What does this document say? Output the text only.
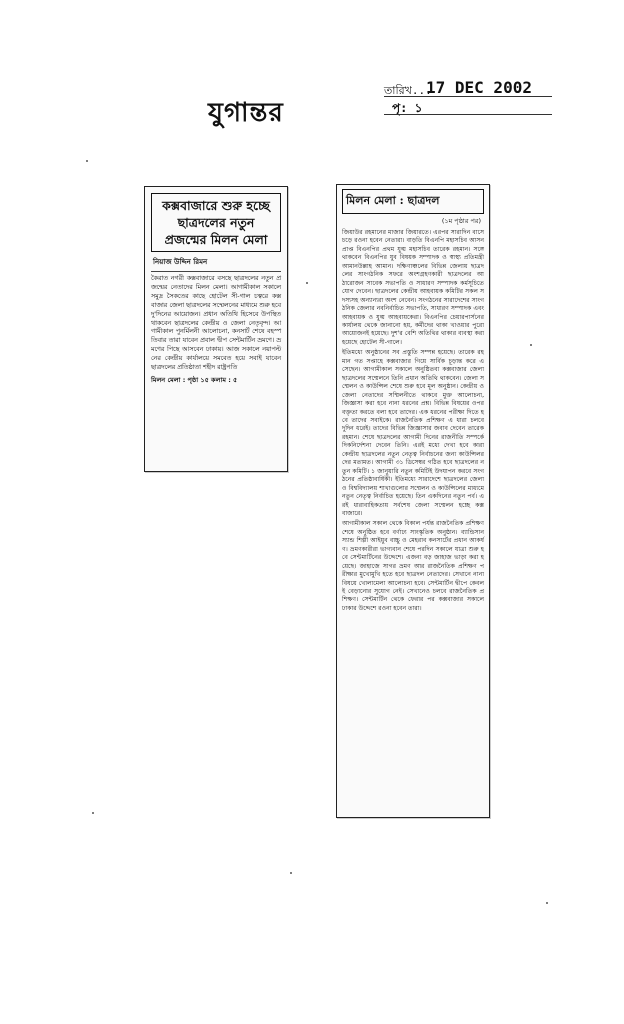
যুগান্তর
তারিখ...
17 DEC 2002
পৃ: ১
কক্সবাজারে শুরু হচ্ছে
ছাত্রদলের নতুন
প্রজন্মের মিলন মেলা
নিয়াজ উদ্দিন রিমন

কৈরাত নগরী কক্সবাজারে বসছে ছাত্রদলের নতুন প্রজন্মের নেতাদের মিলন মেলা। আগামীকাল সকালে সমুদ্র সৈকতের কাছে হোটেল সী-গাল চত্বরে কক্সবাজার জেলা ছাত্রদলের সম্মেলনের মাধ্যমে শুরু হবে দু'দিনের আয়োজন। প্রধান অতিথি হিসেবে উপস্থিত থাকবেন ছাত্রদলের কেন্দ্রীয় ও জেলা নেতৃবৃন্দ। আগামীকাল পুনর্মিলনী আলোচনা, কনসার্ট শেষে বহস্পতিবার তারা যাবেন প্রবাল দ্বীপ সেন্টমার্টিন ভ্রমণে। ভ্রমণের পিছে আসবেন ঢাকায়। আজ সকালে নয়াপল্টনের কেন্দ্রীয় কার্যালয়ে সমবেত হয়ে সবাই যাবেন ছাত্রদলের প্রতিষ্ঠাতা শহীদ রাষ্ট্রপতি

মিলন মেলা : পৃষ্ঠা ১৫ কলাম : ৫
মিলন মেলা : ছাত্রদল
(১ম পৃষ্ঠার পর)

জিয়াউর রহমানের মাজার জিয়ারতে। এরপর সারাদিন বাসে চড়ে রওনা হবেন নেতারা। বাড়তি বিএনপি মহাসচিব আসনপ্রাপ্ত বিএনপির প্রথম যুগ্ম মহাসচিব তারেক রহমান। সঙ্গে থাকবেন বিএনপির যুব বিষয়ক সম্পাদক ও স্বাস্থ্য প্রতিমন্ত্রী আমানউল্লাহ আমান। দক্ষিণাঞ্চলের বিভিন্ন জেলায় ছাত্রদলের সাংগঠনিক সফরে অংশগ্রহণকারী ছাত্রদলের আঠারোজন সাবেক সভাপতি ও সাধারণ সম্পাদক কর্মসূচিতে যোগ দেবেন। ছাত্রদলের কেন্দ্রীয় আহবায়ক কমিটির সকল সদস্যসহ অন্যান্যরা অংশ নেবেন। সংগঠনের সারাদেশের সাংগঠনিক জেলার নবনির্বাচিত সভাপতি, সাধারণ সম্পাদক এবং আহবায়ক ও যুগ্ম আহবায়কেরা। বিএনপির চেয়ারপার্সনের কার্যালয় থেকে জানানো হয়, কর্মীদের থাকা খাওয়ার পুরো আয়োজনই হয়েছে। দুশ'র বেশি অতিথির থাকার ব্যবস্থা করা হয়েছে হোটেল সী-গালে।

ইতিমধ্যে অনুষ্ঠানের সব প্রস্তুতি সম্পন্ন হয়েছে। তারেক রহমান গত সপ্তাহে কক্সবাজার গিয়ে সার্বিক চূড়ান্ত করে এসেছেন। আগামীকাল সকালে অনুষ্ঠিতব্য কক্সবাজার জেলা ছাত্রদলের সম্মেলনে তিনি প্রধান অতিথি থাকবেন। জেলা সম্মেলন ও কাউন্সিল শেষে শুরু হবে মূল অনুষ্ঠান। কেন্দ্রীয় ও জেলা নেতাদের সম্মিলনীতে থাকবে মুক্ত আলোচনা, জিজ্ঞাসা করা হবে নানা ধরনের প্রশ্ন। বিভিন্ন বিষয়ের ওপর বক্তৃতা করতে বলা হবে তাদের। এক ধরনের পরীক্ষা দিতে হবে তাদের সবাইকে। রাজনৈতিক প্রশিক্ষণ এ ধারা চলবে দুদিন ধরেই। তাদের বিভিন্ন জিজ্ঞাসার জবাব দেবেন তারেক রহমান। শেষে ছাত্রদলের আগামী দিনের রাজনীতি সম্পর্কে দিকনির্দেশনা দেবেন তিনি। এরই মধ্যে দেখা হবে কারা কেন্দ্রীয় ছাত্রদলের নতুন নেতৃত্ব নির্বাচনের জন্য কাউন্সিলরদের মতামত। আগামী ৩১ ডিসেম্বর গঠিত হবে ছাত্রদলের নতুন কমিটি। ১ জানুয়ারি নতুন কমিটিই উদযাপন করবে সংগঠনের প্রতিষ্ঠাবার্ষিকী। ইতিমধ্যে সারাদেশে ছাত্রদলের জেলা ও বিশ্ববিদ্যালয় শাখাগুলোর সম্মেলন ও কাউন্সিলের মাধ্যমে নতুন নেতৃত্ব নির্বাচিত হয়েছে। তিন একদিনের নতুন পর্ব। এরই ধারাবাহিকতায় সর্বশেষ জেলা সম্মেলন হচ্ছে কক্সবাজারে।

আগামীকাল সকাল থেকে বিকাল পর্যন্ত রাজনৈতিক প্রশিক্ষণ শেষে অনুষ্ঠিত হবে বর্ণাঢ্য সাংস্কৃতিক অনুষ্ঠান। ব্যান্ডিসান স্যান্ড শিল্পী আইয়ুব বাচ্চু ও মেহরাব কনসার্টের প্রধান আকর্ষণ। ভ্রমণকারীরা ভাগ্যবান শেষে পরদিন সকালে যাত্রা শুরু হবে সেন্টমার্টিনের উদ্দেশে। এজন্য বড় জাহাজ ভাড়া করা হয়েছে। জাহাজে সাগর ভ্রমণ আর রাজনৈতিক প্রশিক্ষণ পরীক্ষার মুখোমুখি হতে হবে ছাত্রদল নেতাদের। সেখানে নানা বিষয়ে খোলামেলা আলোচনা হবে। সেন্টমার্টিন দ্বীপে কেবলই বেড়ানোর সুযোগ নেই। সেখানেও চলবে রাজনৈতিক প্রশিক্ষণ। সেন্টমার্টিন থেকে ফেরার পর কক্সবাজার সকালে ঢাকার উদ্দেশে রওনা হবেন তারা।
